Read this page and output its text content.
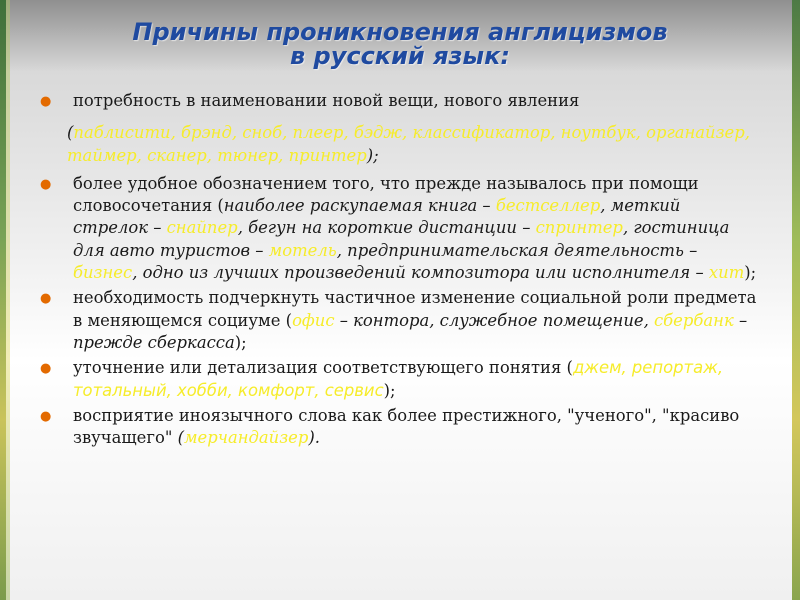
Причины проникновения англицизмов
в русский язык:
● потребность в наименовании новой вещи, нового явления
(паблисити, брэнд, сноб, плеер, бэдж, классификатор, ноутбук, органайзер, таймер, сканер, тюнер, принтер);
● более удобное обозначением того, что прежде называлось при помощи словосочетания (наиболее раскупаемая книга – бестселлер, меткий стрелок – снайпер, бегун на короткие дистанции – спринтер, гостиница для авто туристов – мотель, предпринимательская деятельность – бизнес, одно из лучших произведений композитора или исполнителя – хит);
● необходимость подчеркнуть частичное изменение социальной роли предмета в меняющемся социуме (офис – контора, служебное помещение, сбербанк – прежде сберкасса);
● уточнение или детализация соответствующего понятия (джем, репортаж, тотальный, хобби, комфорт, сервис);
● восприятие иноязычного слова как более престижного, "ученого", "красиво звучащего" (мерчандайзер).
